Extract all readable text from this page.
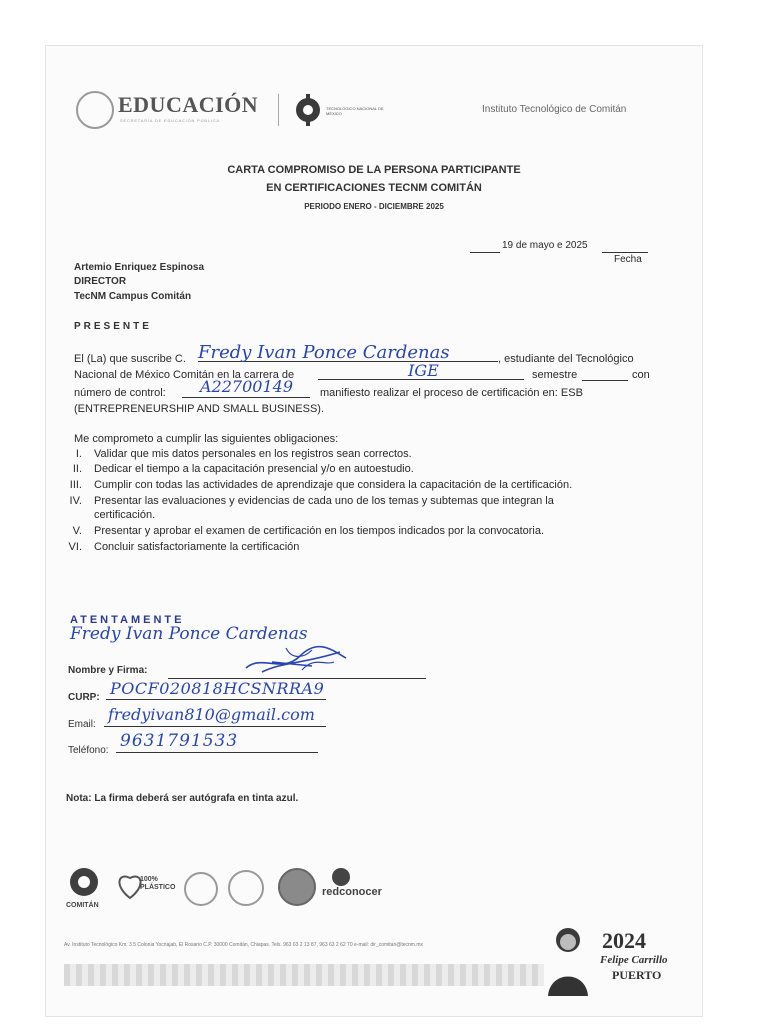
EDUCACIÓN
SECRETARÍA DE EDUCACIÓN PÚBLICA
TECNOLÓGICO NACIONAL DE MÉXICO	Instituto Tecnológico de Comitán
CARTA COMPROMISO DE LA PERSONA PARTICIPANTE
EN CERTIFICACIONES TECNM COMITÁN
PERIODO ENERO - DICIEMBRE 2025
19 de mayo e 2025
Fecha
Artemio Enriquez Espinosa
DIRECTOR
TecNM Campus Comitán
PRESENTE
El (La) que suscribe C. Fredy Ivan Ponce Cardenas	, estudiante del Tecnológico
Nacional de México Comitán en la carrera de	IGE	semestre	con
número de control: A22700149 manifiesto realizar el proceso de certificación en: ESB
(ENTREPRENEURSHIP AND SMALL BUSINESS).
Me comprometo a cumplir las siguientes obligaciones:
I. Validar que mis datos personales en los registros sean correctos.
II. Dedicar el tiempo a la capacitación presencial y/o en autoestudio.
III. Cumplir con todas las actividades de aprendizaje que considera la capacitación de la certificación.
IV. Presentar las evaluaciones y evidencias de cada uno de los temas y subtemas que integran la
certificación.
V. Presentar y aprobar el examen de certificación en los tiempos indicados por la convocatoria.
VI. Concluir satisfactoriamente la certificación
ATENTAMENTE
Fredy Ivan Ponce Cardenas
Nombre y Firma:
CURP: POCF020818HCSNRRA9
Email:
fredyivan810@gmail.com
Teléfono: 9631791533
Nota: La firma deberá ser autógrafa en tinta azul.
COMITÁN
100% PLÁSTICO	redconocer
Av. Instituto Tecnológico Km. 3.5 Colonia Yocnajab, El Rosario C.P. 30000 Comitán, Chiapas. Tels. 963 63 2 13 87, 963 63 2 62 70 e-mail: dir_comitan@tecnm.mx	2024
Felipe Carrillo
PUERTO
